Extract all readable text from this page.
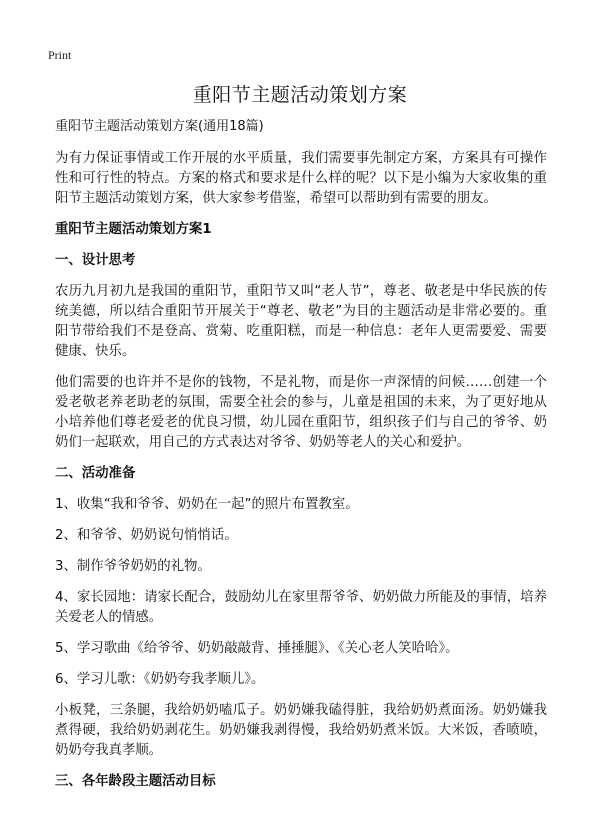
Print
重阳节主题活动策划方案
重阳节主题活动策划方案(通用18篇)

为有力保证事情或工作开展的水平质量，我们需要事先制定方案，方案具有可操作性和可行性的特点。方案的格式和要求是什么样的呢？以下是小编为大家收集的重阳节主题活动策划方案，供大家参考借鉴，希望可以帮助到有需要的朋友。

重阳节主题活动策划方案1
一、设计思考

农历九月初九是我国的重阳节，重阳节又叫“老人节”，尊老、敬老是中华民族的传统美德，所以结合重阳节开展关于“尊老、敬老”为目的主题活动是非常必要的。重阳节带给我们不是登高、赏菊、吃重阳糕，而是一种信息：老年人更需要爱、需要健康、快乐。

他们需要的也许并不是你的钱物，不是礼物，而是你一声深情的问候……创建一个爱老敬老养老助老的氛围，需要全社会的参与，儿童是祖国的未来，为了更好地从小培养他们尊老爱老的优良习惯，幼儿园在重阳节，组织孩子们与自己的爷爷、奶奶们一起联欢，用自己的方式表达对爷爷、奶奶等老人的关心和爱护。

二、活动准备

1、收集“我和爷爷、奶奶在一起”的照片布置教室。

2、和爷爷、奶奶说句悄悄话。

3、制作爷爷奶奶的礼物。

4、家长园地：请家长配合，鼓励幼儿在家里帮爷爷、奶奶做力所能及的事情，培养关爱老人的情感。

5、学习歌曲《给爷爷、奶奶敲敲背、捶捶腿》、《关心老人笑哈哈》。

6、学习儿歌：《奶奶夸我孝顺儿》。

小板凳，三条腿，我给奶奶嗑瓜子。奶奶嫌我磕得脏，我给奶奶煮面汤。奶奶嫌我煮得硬，我给奶奶剥花生。奶奶嫌我剥得慢，我给奶奶煮米饭。大米饭，香喷喷，奶奶夸我真孝顺。

三、各年龄段主题活动目标
